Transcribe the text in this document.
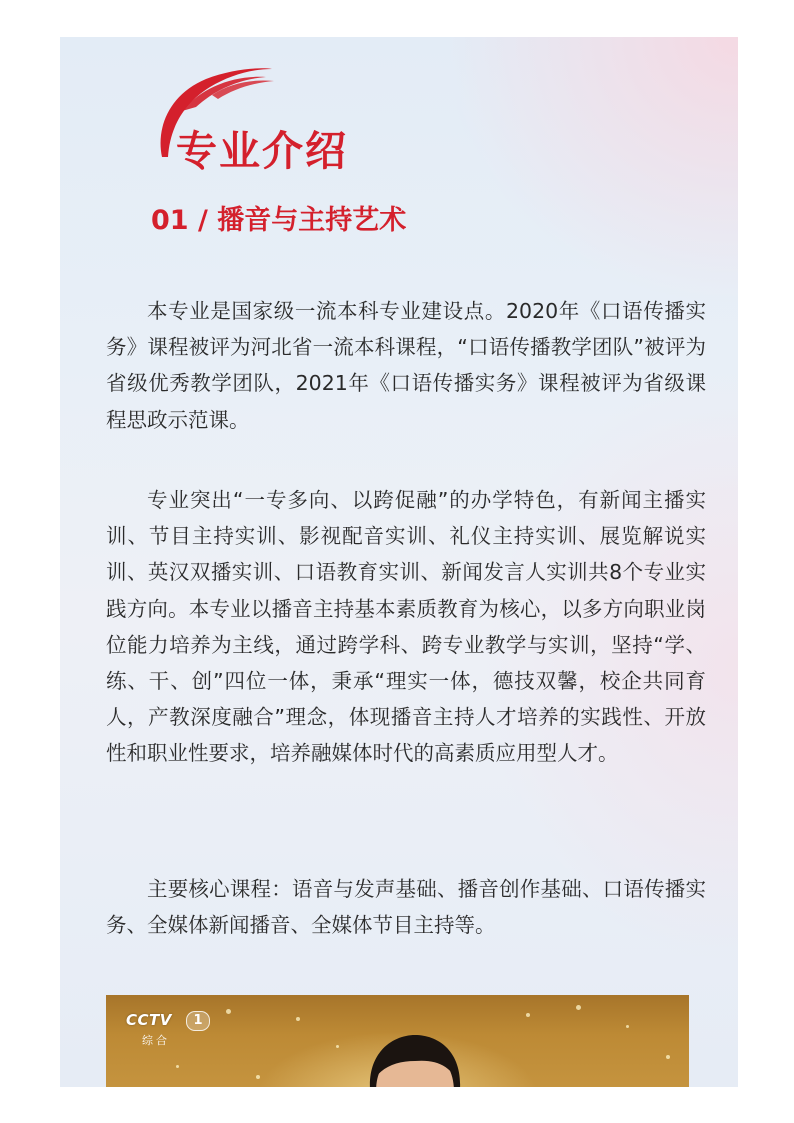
专业介绍
01 / 播音与主持艺术

本专业是国家级一流本科专业建设点。2020年《口语传播实务》课程被评为河北省一流本科课程，“口语传播教学团队”被评为省级优秀教学团队，2021年《口语传播实务》课程被评为省级课程思政示范课。

专业突出“一专多向、以跨促融”的办学特色，有新闻主播实训、节目主持实训、影视配音实训、礼仪主持实训、展览解说实训、英汉双播实训、口语教育实训、新闻发言人实训共8个专业实践方向。本专业以播音主持基本素质教育为核心，以多方向职业岗位能力培养为主线，通过跨学科、跨专业教学与实训，坚持“学、练、干、创”四位一体，秉承“理实一体，德技双馨，校企共同育人，产教深度融合”理念，体现播音主持人才培养的实践性、开放性和职业性要求，培养融媒体时代的高素质应用型人才。

主要核心课程：语音与发声基础、播音创作基础、口语传播实务、全媒体新闻播音、全媒体节目主持等。

CCTV	1
综合
